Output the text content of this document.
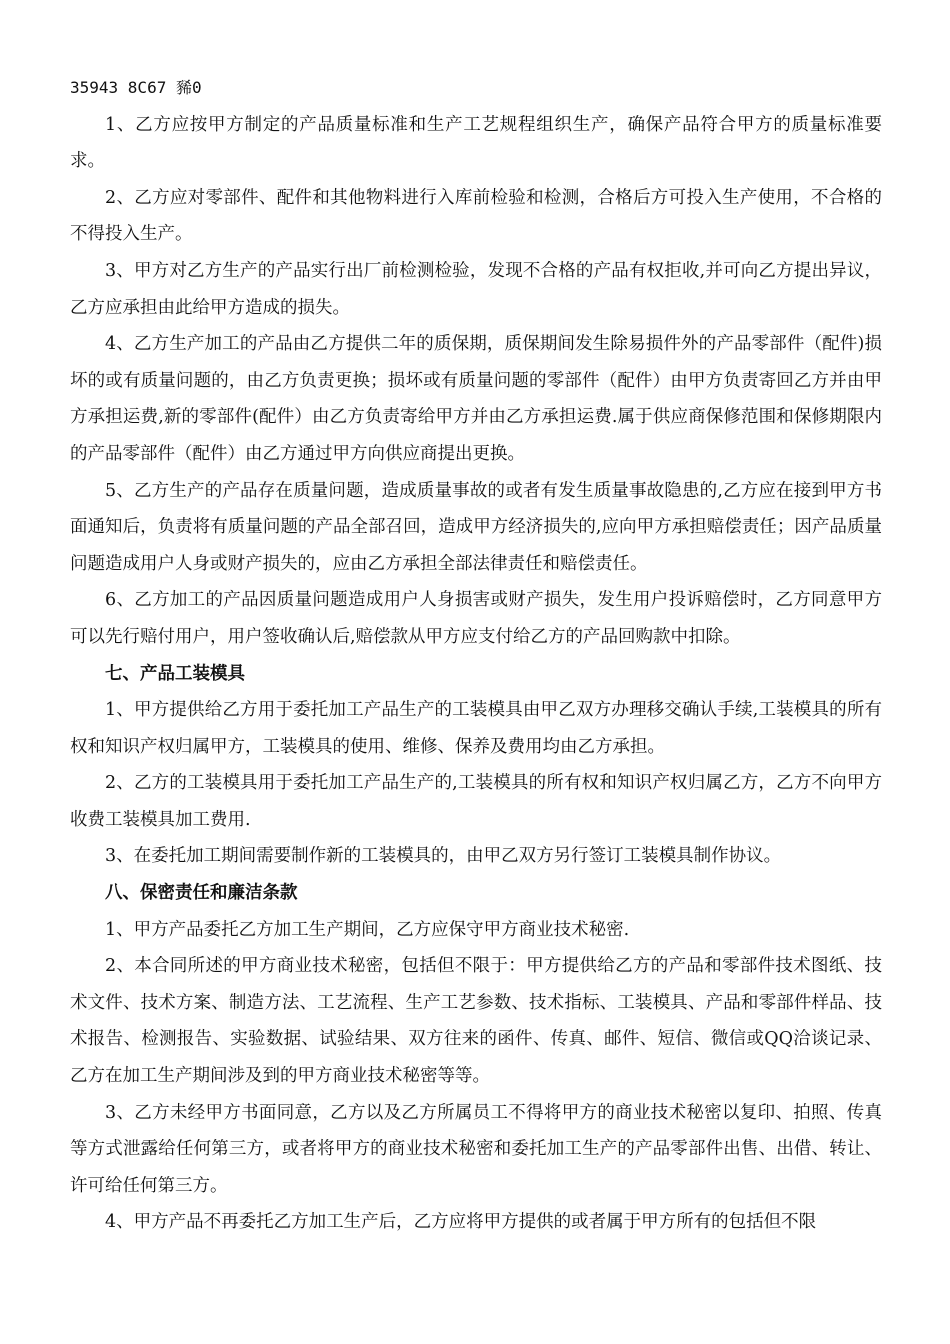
35943 8C67 豨0

1、乙方应按甲方制定的产品质量标准和生产工艺规程组织生产，确保产品符合甲方的质量标准要求。

2、乙方应对零部件、配件和其他物料进行入库前检验和检测，合格后方可投入生产使用，不合格的不得投入生产。

3、甲方对乙方生产的产品实行出厂前检测检验，发现不合格的产品有权拒收,并可向乙方提出异议，乙方应承担由此给甲方造成的损失。

4、乙方生产加工的产品由乙方提供二年的质保期，质保期间发生除易损件外的产品零部件（配件)损坏的或有质量问题的，由乙方负责更换；损坏或有质量问题的零部件（配件）由甲方负责寄回乙方并由甲方承担运费,新的零部件(配件）由乙方负责寄给甲方并由乙方承担运费.属于供应商保修范围和保修期限内的产品零部件（配件）由乙方通过甲方向供应商提出更换。

5、乙方生产的产品存在质量问题，造成质量事故的或者有发生质量事故隐患的,乙方应在接到甲方书面通知后，负责将有质量问题的产品全部召回，造成甲方经济损失的,应向甲方承担赔偿责任；因产品质量问题造成用户人身或财产损失的，应由乙方承担全部法律责任和赔偿责任。

6、乙方加工的产品因质量问题造成用户人身损害或财产损失，发生用户投诉赔偿时，乙方同意甲方可以先行赔付用户，用户签收确认后,赔偿款从甲方应支付给乙方的产品回购款中扣除。

七、产品工装模具

1、甲方提供给乙方用于委托加工产品生产的工装模具由甲乙双方办理移交确认手续,工装模具的所有权和知识产权归属甲方，工装模具的使用、维修、保养及费用均由乙方承担。

2、乙方的工装模具用于委托加工产品生产的,工装模具的所有权和知识产权归属乙方，乙方不向甲方收费工装模具加工费用.

3、在委托加工期间需要制作新的工装模具的，由甲乙双方另行签订工装模具制作协议。

八、保密责任和廉洁条款

1、甲方产品委托乙方加工生产期间，乙方应保守甲方商业技术秘密.

2、本合同所述的甲方商业技术秘密，包括但不限于：甲方提供给乙方的产品和零部件技术图纸、技术文件、技术方案、制造方法、工艺流程、生产工艺参数、技术指标、工装模具、产品和零部件样品、技术报告、检测报告、实验数据、试验结果、双方往来的函件、传真、邮件、短信、微信或QQ洽谈记录、乙方在加工生产期间涉及到的甲方商业技术秘密等等。

3、乙方未经甲方书面同意，乙方以及乙方所属员工不得将甲方的商业技术秘密以复印、拍照、传真等方式泄露给任何第三方，或者将甲方的商业技术秘密和委托加工生产的产品零部件出售、出借、转让、许可给任何第三方。

4、甲方产品不再委托乙方加工生产后，乙方应将甲方提供的或者属于甲方所有的包括但不限
